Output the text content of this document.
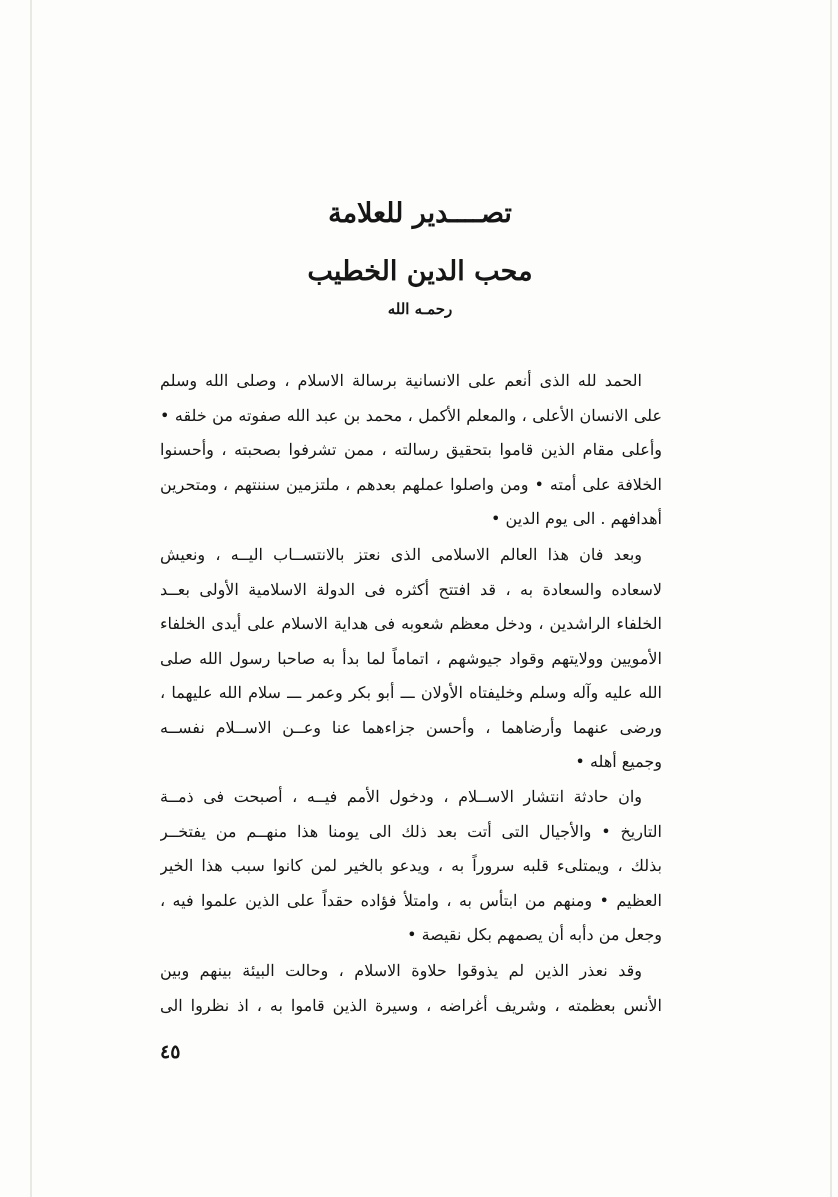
تصــــدير للعلامة
محب الدين الخطيب
رحمـه الله
الحمد لله الذى أنعم على الانسانية برسالة الاسلام ، وصلى الله وسلم
على الانسان الأعلى ، والمعلم الأكمل ، محمد بن عبد الله صفوته من خلقه •
وأعلى مقام الذين قاموا بتحقيق رسالته ، ممن تشرفوا بصحبته ، وأحسنوا
الخلافة على أمته • ومن واصلوا عملهم بعدهم ، ملتزمين سننتهم ، ومتحرين
أهدافهم . الى يوم الدين •
وبعد فان هذا العالم الاسلامى الذى نعتز بالانتســاب اليــه ، ونعيش
لاسعاده والسعادة به ، قد افتتح أكثره فى الدولة الاسلامية الأولى بعــد
الخلفاء الراشدين ، ودخل معظم شعوبه فى هداية الاسلام على أيدى الخلفاء
الأمويين وولايتهم وقواد جيوشهم ، اتماماً لما بدأ به صاحبا رسول الله صلى
الله عليه وآله وسلم وخليفتاه الأولان ـــ أبو بكر وعمر ـــ سلام الله عليهما ،
ورضى عنهما وأرضاهما ، وأحسن جزاءهما عنا وعــن الاســلام نفســه
وجميع أهله •
وان حادثة انتشار الاســلام ، ودخول الأمم فيــه ، أصبحت فى ذمــة
التاريخ • والأجيال التى أتت بعد ذلك الى يومنا هذا منهــم من يفتخــر
بذلك ، ويمتلىء قلبه سروراً به ، ويدعو بالخير لمن كانوا سبب هذا الخير
العظيم • ومنهم من ابتأس به ، وامتلأ فؤاده حقداً على الذين علموا فيه ،
وجعل من دأبه أن يصمهم بكل نقيصة •
وقد نعذر الذين لم يذوقوا حلاوة الاسلام ، وحالت البيئة بينهم وبين
الأنس بعظمته ، وشريف أغراضه ، وسيرة الذين قاموا به ، اذ نظروا الى
٤٥
